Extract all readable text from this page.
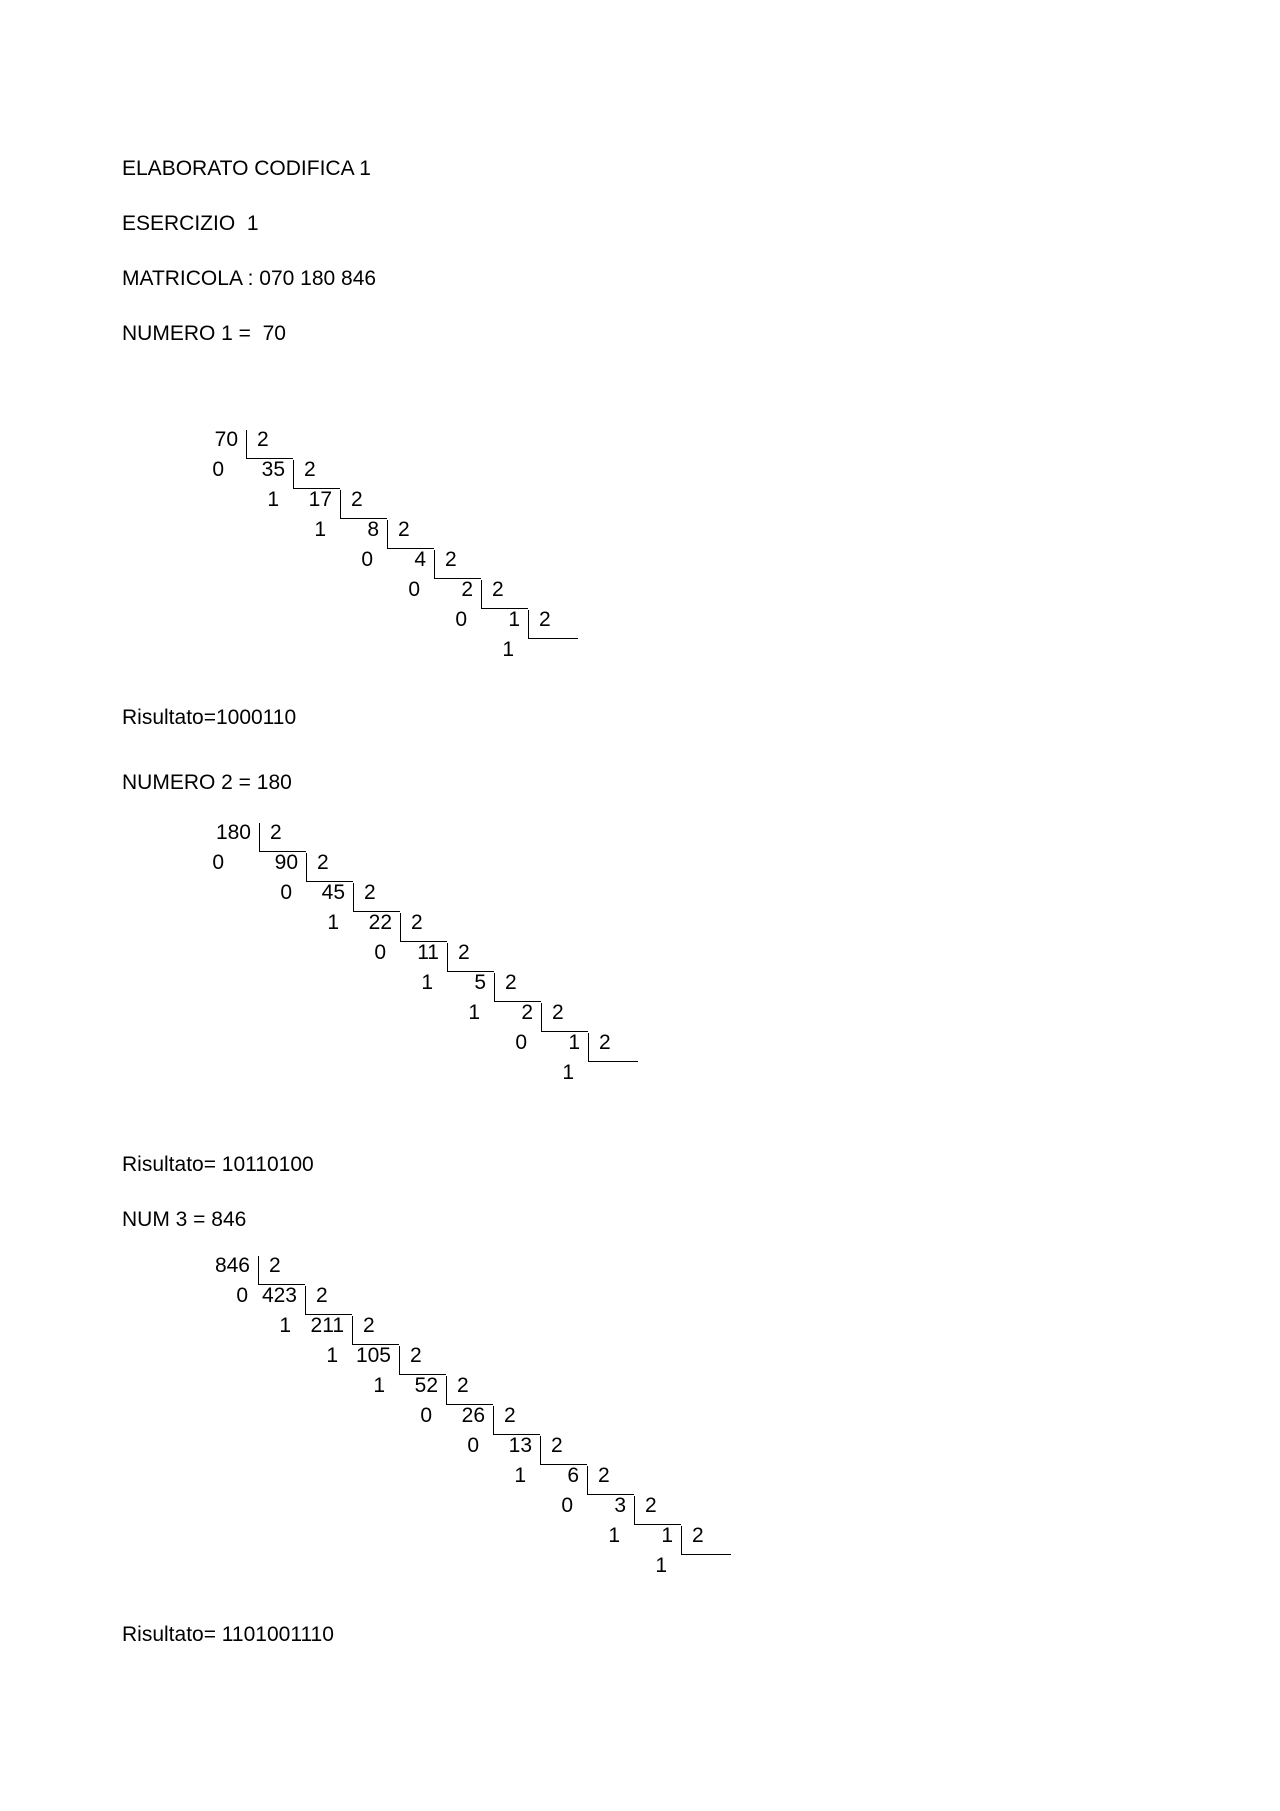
ELABORATO CODIFICA 1

ESERCIZIO  1

MATRICOLA : 070 180 846

NUMERO 1 =  70

70 2
0	35 2
1	17 2
1	8 2
0	4 2
0	2 2
0	1 2
1

Risultato=1000110

NUMERO 2 = 180

180 2
0	90 2
0	45 2
1	22 2
0	11 2
1	5 2
1	2 2
0	1 2
1

Risultato= 10110100

NUM 3 = 846

846 2
0 423 2
1 211 2
1 105 2
1	52 2
0	26 2
0	13 2
1	6 2
0	3 2
1	1 2
1

Risultato= 1101001110
